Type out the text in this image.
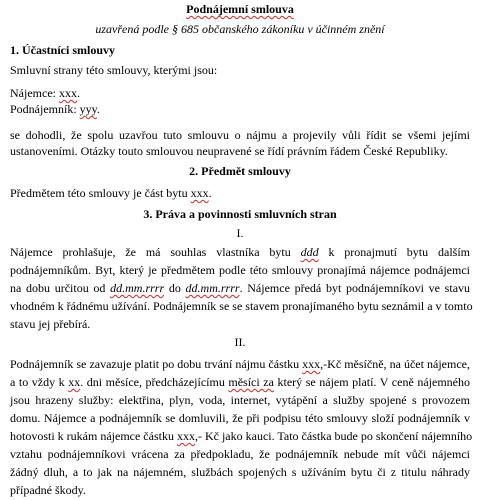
Podnájemní smlouva
uzavřená podle § 685 občanského zákoníku v účinném znění
1. Účastníci smlouvy
Smluvní strany této smlouvy, kterými jsou:
Nájemce: xxx.
Podnájemník: yyy.
se dohodli, že spolu uzavřou tuto smlouvu o nájmu a projevily vůli řídit se všemi jejími
ustanoveními. Otázky touto smlouvou neupravené se řídí právním řádem České Republiky.
2. Předmět smlouvy
Předmětem této smlouvy je část bytu xxx.
3. Práva a povinnosti smluvních stran
I.
Nájemce prohlašuje, že má souhlas vlastníka bytu ddd k pronajmutí bytu dalším
podnájemníkům. Byt, který je předmětem podle této smlouvy pronajímá nájemce podnájemci
na dobu určitou od dd.mm.rrrr do dd.mm.rrrr. Nájemce předá byt podnájemníkovi ve stavu
vhodném k řádnému užívání. Podnájemník se se stavem pronajímaného bytu seznámil a v tomto
stavu jej přebírá.
II.
Podnájemník se zavazuje platit po dobu trvání nájmu částku xxx,-Kč měsíčně, na účet nájemce,
a to vždy k xx. dni měsíce, předcházejícímu měsíci za který se nájem platí. V ceně nájemného
jsou hrazeny služby: elektřina, plyn, voda, internet, vytápění a služby spojené s provozem
domu. Nájemce a podnájemník se domluvili, že při podpisu této smlouvy složí podnájemník v
hotovosti k rukám nájemce částku xxx,- Kč jako kauci. Tato částka bude po skončení nájemního
vztahu podnájemníkovi vrácena za předpokladu, že podnájemník nebude mít vůči nájemci
žádný dluh, a to jak na nájemném, službách spojených s užíváním bytu či z titulu náhrady
případné škody.
